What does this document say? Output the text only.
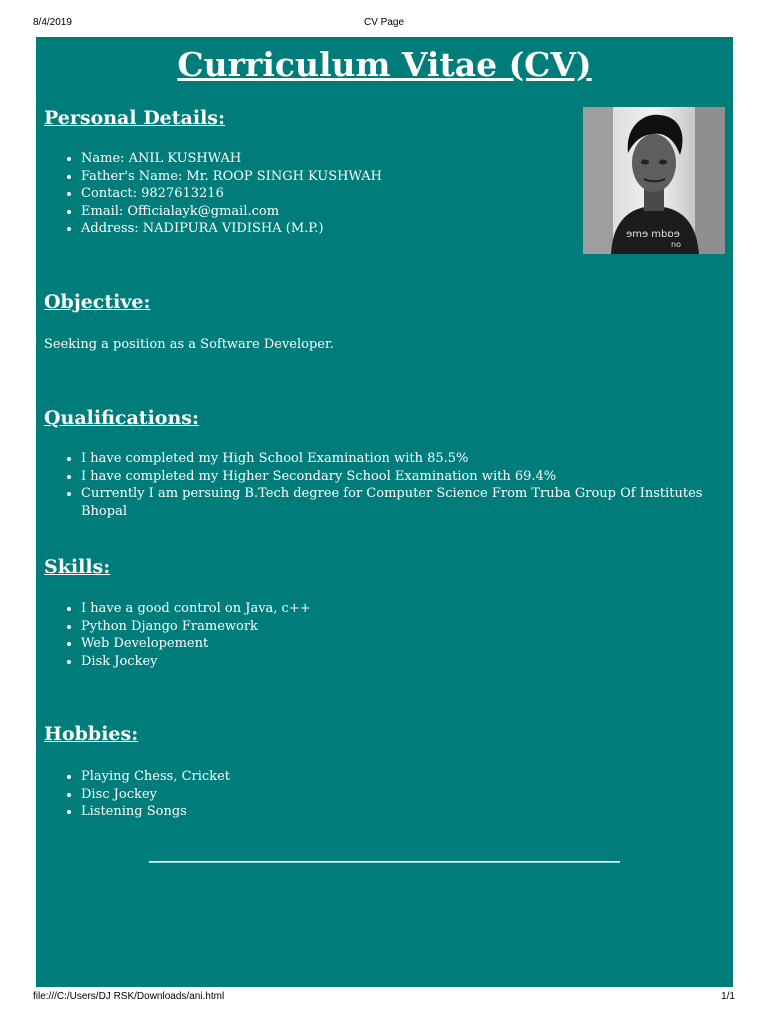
8/4/2019	CV Page
Curriculum Vitae (CV)
Personal Details:
• Name: ANIL KUSHWAH
• Father's Name: Mr. ROOP SINGH KUSHWAH
• Contact: 9827613216
• Email: Officialayk@gmail.com
• Address: NADIPURA VIDISHA (M.P.)	ɘmɘ mbɒɘ
no
Objective:

Seeking a position as a Software Developer.

Qualifications:
• I have completed my High School Examination with 85.5%
• I have completed my Higher Secondary School Examination with 69.4%
• Currently I am persuing B.Tech degree for Computer Science From Truba Group Of Institutes Bhopal
Skills:
• I have a good control on Java, c++
• Python Django Framework
• Web Developement
• Disk Jockey
Hobbies:
• Playing Chess, Cricket
• Disc Jockey
• Listening Songs
file:///C:/Users/DJ RSK/Downloads/ani.html	1/1
